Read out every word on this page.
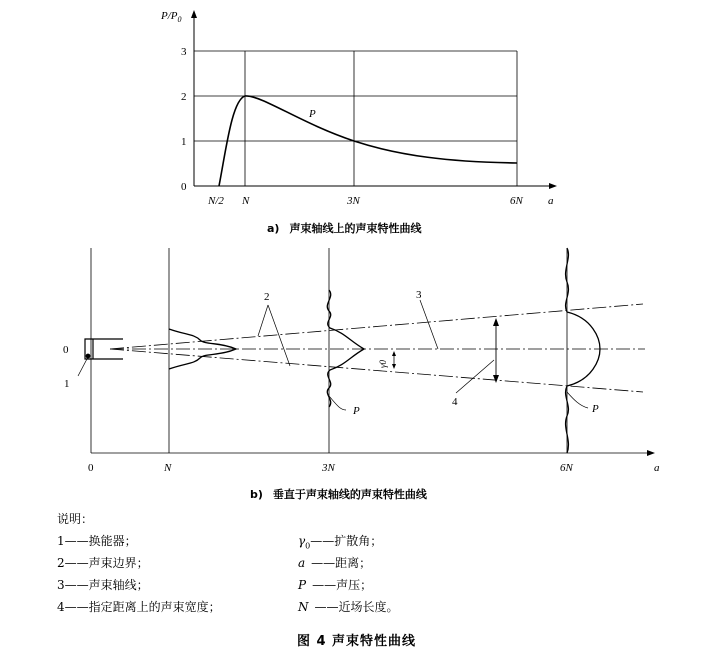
$P/P_0$
0
1
2
3
N/2 N	3N	6N a
P
a) 声束轴线上的声束特性曲线
γ0
0
1
2	3
4
P	P
0	N	3N	6N	a
b) 垂直于声束轴线的声束特性曲线
说明：
1——换能器；
2——声束边界；
3——声束轴线；
4——指定距离上的声束宽度；
$\gamma_0——$扩散角；
a ——距离；
P ——声压；
N ——近场长度。
图 4 声束特性曲线
